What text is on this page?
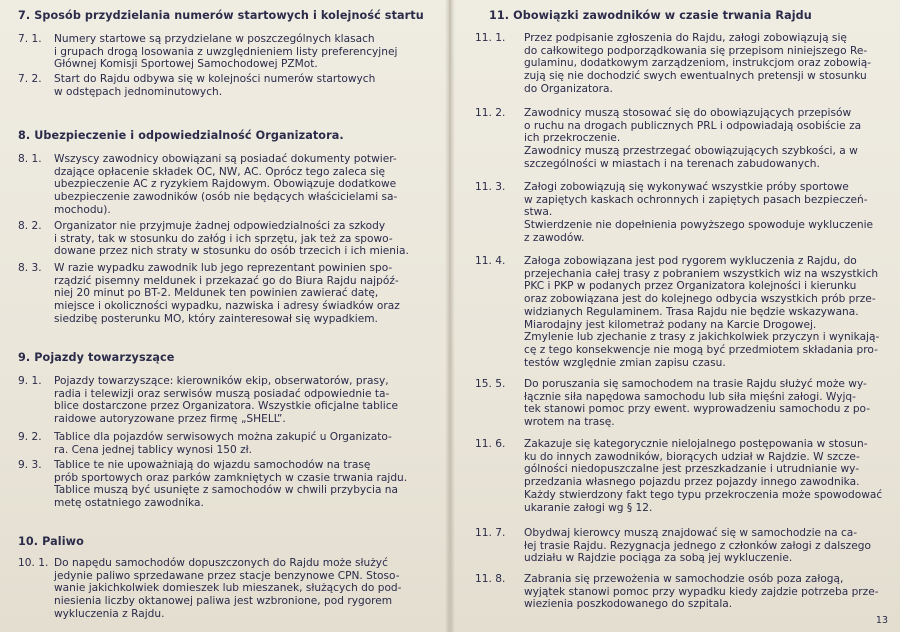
7. Sposób przydzielania numerów startowych i kolejność startu
7. 1.	Numery startowe są przydzielane w poszczególnych klasach
i grupach drogą losowania z uwzględnieniem listy preferencyjnej
Głównej Komisji Sportowej Samochodowej PZMot.
7. 2.	Start do Rajdu odbywa się w kolejności numerów startowych
w odstępach jednominutowych.
8. Ubezpieczenie i odpowiedzialność Organizatora.
8. 1.	Wszyscy zawodnicy obowiązani są posiadać dokumenty potwier-
dzające opłacenie składek OC, NW, AC. Oprócz tego zaleca się
ubezpieczenie AC z ryzykiem Rajdowym. Obowiązuje dodatkowe
ubezpieczenie zawodników (osób nie będących właścicielami sa-
mochodu).
8. 2.	Organizator nie przyjmuje żadnej odpowiedzialności za szkody
i straty, tak w stosunku do załóg i ich sprzętu, jak też za spowo-
dowane przez nich straty w stosunku do osób trzecich i ich mienia.
8. 3.	W razie wypadku zawodnik lub jego reprezentant powinien spo-
rządzić pisemny meldunek i przekazać go do Biura Rajdu najpóź-
niej 20 minut po BT-2. Meldunek ten powinien zawierać datę,
miejsce i okoliczności wypadku, nazwiska i adresy świadków oraz
siedzibę posterunku MO, który zainteresował się wypadkiem.
9. Pojazdy towarzyszące
9. 1.	Pojazdy towarzyszące: kierowników ekip, obserwatorów, prasy,
radia i telewizji oraz serwisów muszą posiadać odpowiednie ta-
blice dostarczone przez Organizatora. Wszystkie oficjalne tablice
raidowe autoryzowane przez firmę „SHELL”.
9. 2.	Tablice dla pojazdów serwisowych można zakupić u Organizato-
ra. Cena jednej tablicy wynosi 150 zł.
9. 3.	Tablice te nie upoważniają do wjazdu samochodów na trasę
prób sportowych oraz parków zamkniętych w czasie trwania rajdu.
Tablice muszą być usunięte z samochodów w chwili przybycia na
metę ostatniego zawodnika.
10. Paliwo
10. 1. Do napędu samochodów dopuszczonych do Rajdu może służyć
jedynie paliwo sprzedawane przez stacje benzynowe CPN. Stoso-
wanie jakichkolwiek domieszek lub mieszanek, służących do pod-
niesienia liczby oktanowej paliwa jest wzbronione, pod rygorem
wykluczenia z Rajdu.
11. Obowiązki zawodników w czasie trwania Rajdu
11. 1.	Przez podpisanie zgłoszenia do Rajdu, załogi zobowiązują się
do całkowitego podporządkowania się przepisom niniejszego Re-
gulaminu, dodatkowym zarządzeniom, instrukcjom oraz zobowią-
zują się nie dochodzić swych ewentualnych pretensji w stosunku
do Organizatora.
11. 2.	Zawodnicy muszą stosować się do obowiązujących przepisów
o ruchu na drogach publicznych PRL i odpowiadają osobiście za
ich przekroczenie.
Zawodnicy muszą przestrzegać obowiązujących szybkości, a w
szczególności w miastach i na terenach zabudowanych.
11. 3.	Załogi zobowiązują się wykonywać wszystkie próby sportowe
w zapiętych kaskach ochronnych i zapiętych pasach bezpieczeń-
stwa.
Stwierdzenie nie dopełnienia powyższego spowoduje wykluczenie
z zawodów.
11. 4.	Załoga zobowiązana jest pod rygorem wykluczenia z Rajdu, do
przejechania całej trasy z pobraniem wszystkich wiz na wszystkich
PKC i PKP w podanych przez Organizatora kolejności i kierunku
oraz zobowiązana jest do kolejnego odbycia wszystkich prób prze-
widzianych Regulaminem. Trasa Rajdu nie będzie wskazywana.
Miarodajny jest kilometraż podany na Karcie Drogowej.
Zmylenie lub zjechanie z trasy z jakichkolwiek przyczyn i wynikają-
cę z tego konsekwencje nie mogą być przedmiotem składania pro-
testów względnie zmian zapisu czasu.
15. 5.	Do poruszania się samochodem na trasie Rajdu służyć może wy-
łącznie siła napędowa samochodu lub siła mięśni załogi. Wyjq-
tek stanowi pomoc przy ewent. wyprowadzeniu samochodu z po-
wrotem na trasę.
11. 6.	Zakazuje się kategorycznie nielojalnego postępowania w stosun-
ku do innych zawodników, biorących udział w Rajdzie. W szcze-
gólności niedopuszczalne jest przeszkadzanie i utrudnianie wy-
przedzania własnego pojazdu przez pojazdy innego zawodnika.
Każdy stwierdzony fakt tego typu przekroczenia może spowodować
ukaranie załogi wg § 12.
11. 7.	Obydwaj kierowcy muszą znajdować się w samochodzie na ca-
łej trasie Rajdu. Rezygnacja jednego z członków załogi z dalszego
udziału w Rajdzie pociąga za sobą jej wykluczenie.
11. 8.	Zabrania się przewożenia w samochodzie osób poza załogą,
wyjątek stanowi pomoc przy wypadku kiedy zajdzie potrzeba prze-
wiezienia poszkodowanego do szpitala.
13
